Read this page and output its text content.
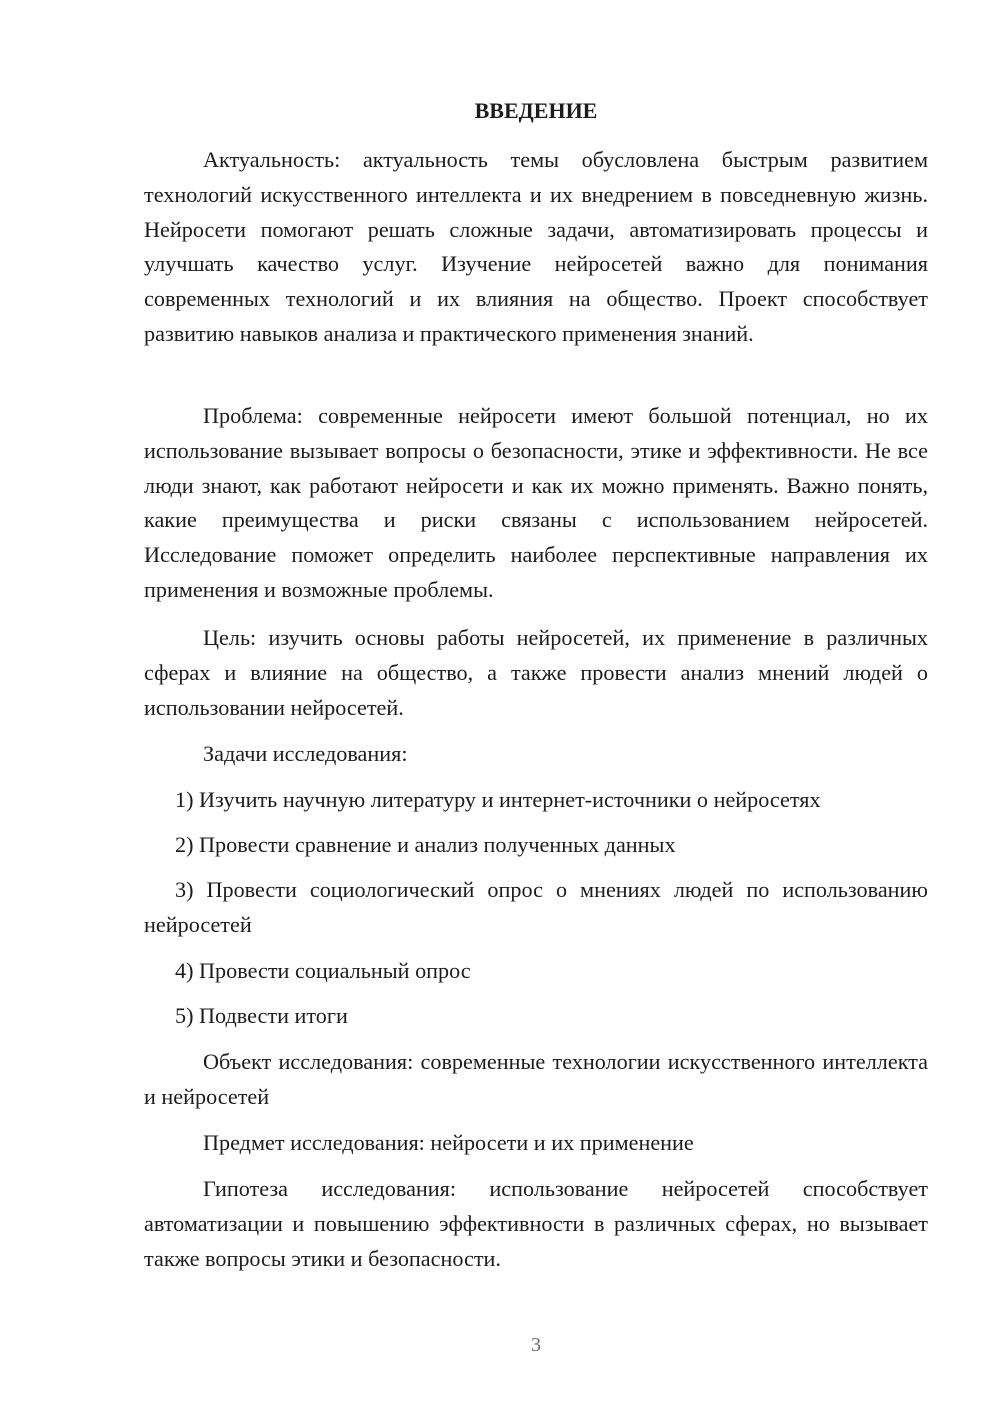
ВВЕДЕНИЕ

Актуальность: актуальность темы обусловлена быстрым развитием технологий искусственного интеллекта и их внедрением в повседневную жизнь. Нейросети помогают решать сложные задачи, автоматизировать процессы и улучшать качество услуг. Изучение нейросетей важно для понимания современных технологий и их влияния на общество. Проект способствует развитию навыков анализа и практического применения знаний.

Проблема: современные нейросети имеют большой потенциал, но их использование вызывает вопросы о безопасности, этике и эффективности. Не все люди знают, как работают нейросети и как их можно применять. Важно понять, какие преимущества и риски связаны с использованием нейросетей. Исследование поможет определить наиболее перспективные направления их применения и возможные проблемы.

Цель: изучить основы работы нейросетей, их применение в различных сферах и влияние на общество, а также провести анализ мнений людей о использовании нейросетей.

Задачи исследования:

1) Изучить научную литературу и интернет-источники о нейросетях

2) Провести сравнение и анализ полученных данных

3) Провести социологический опрос о мнениях людей по использованию нейросетей

4) Провести социальный опрос

5) Подвести итоги

Объект исследования: современные технологии искусственного интеллекта и нейросетей

Предмет исследования: нейросети и их применение

Гипотеза исследования: использование нейросетей способствует автоматизации и повышению эффективности в различных сферах, но вызывает также вопросы этики и безопасности.

3
